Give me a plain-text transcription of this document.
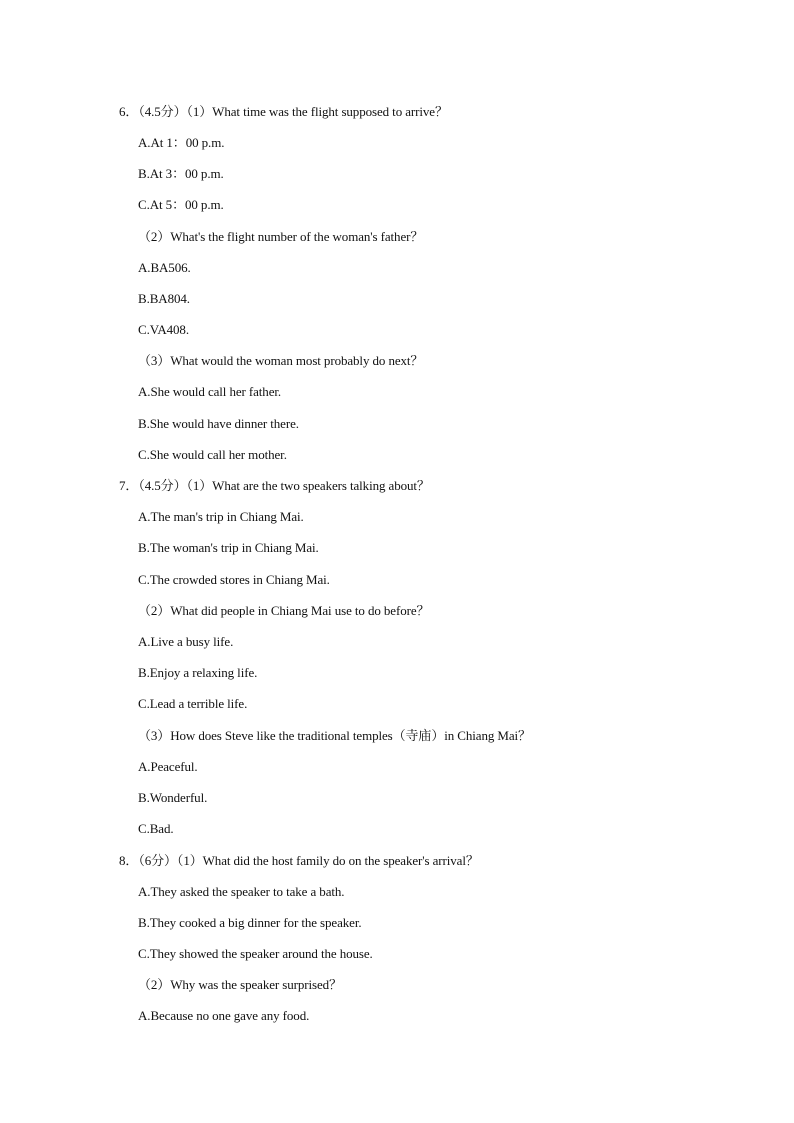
6．（4.5分）（1）What time was the flight supposed to arrive？
A.At 1：00 p.m.
B.At 3：00 p.m.
C.At 5：00 p.m.
（2）What's the flight number of the woman's father？
A.BA506.
B.BA804.
C.VA408.
（3）What would the woman most probably do next？
A.She would call her father.
B.She would have dinner there.
C.She would call her mother.
7．（4.5分）（1）What are the two speakers talking about？
A.The man's trip in Chiang Mai.
B.The woman's trip in Chiang Mai.
C.The crowded stores in Chiang Mai.
（2）What did people in Chiang Mai use to do before？
A.Live a busy life.
B.Enjoy a relaxing life.
C.Lead a terrible life.
（3）How does Steve like the traditional temples（寺庙）in Chiang Mai？
A.Peaceful.
B.Wonderful.
C.Bad.
8．（6分）（1）What did the host family do on the speaker's arrival？
A.They asked the speaker to take a bath.
B.They cooked a big dinner for the speaker.
C.They showed the speaker around the house.
（2）Why was the speaker surprised？
A.Because no one gave any food.
